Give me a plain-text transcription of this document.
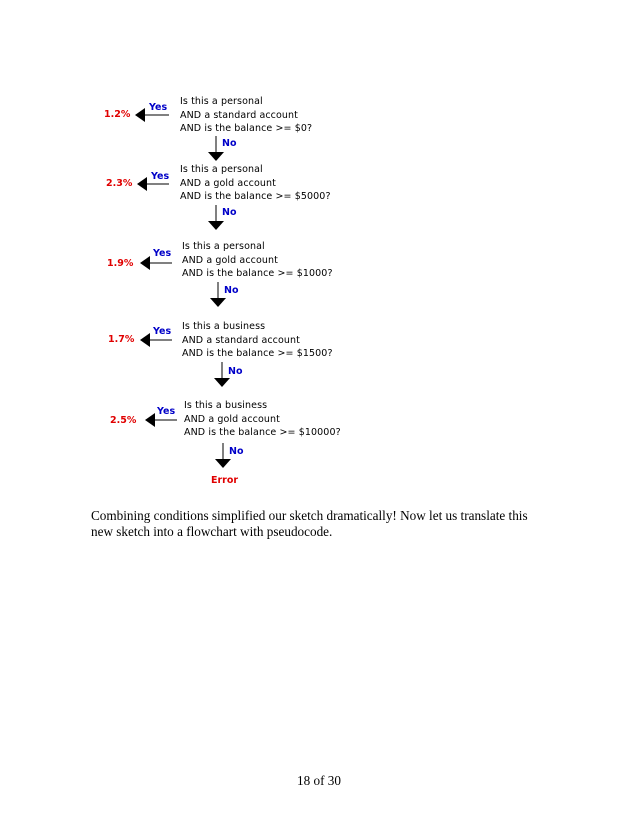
1.2%
Yes
Is this a personal
AND a standard account
AND is the balance >= $0?
No
2.3%
Yes
Is this a personal
AND a gold account
AND is the balance >= $5000?
No
1.9%
Yes
Is this a personal
AND a gold account
AND is the balance >= $1000?
No
1.7%
Yes Is this a business
AND a standard account
AND is the balance >= $1500?
No
2.5%
Yes
Is this a business
AND a gold account
AND is the balance >= $10000?
No
Error
Combining conditions simplified our sketch dramatically! Now let us translate this new sketch into a flowchart with pseudocode.
18 of 30
